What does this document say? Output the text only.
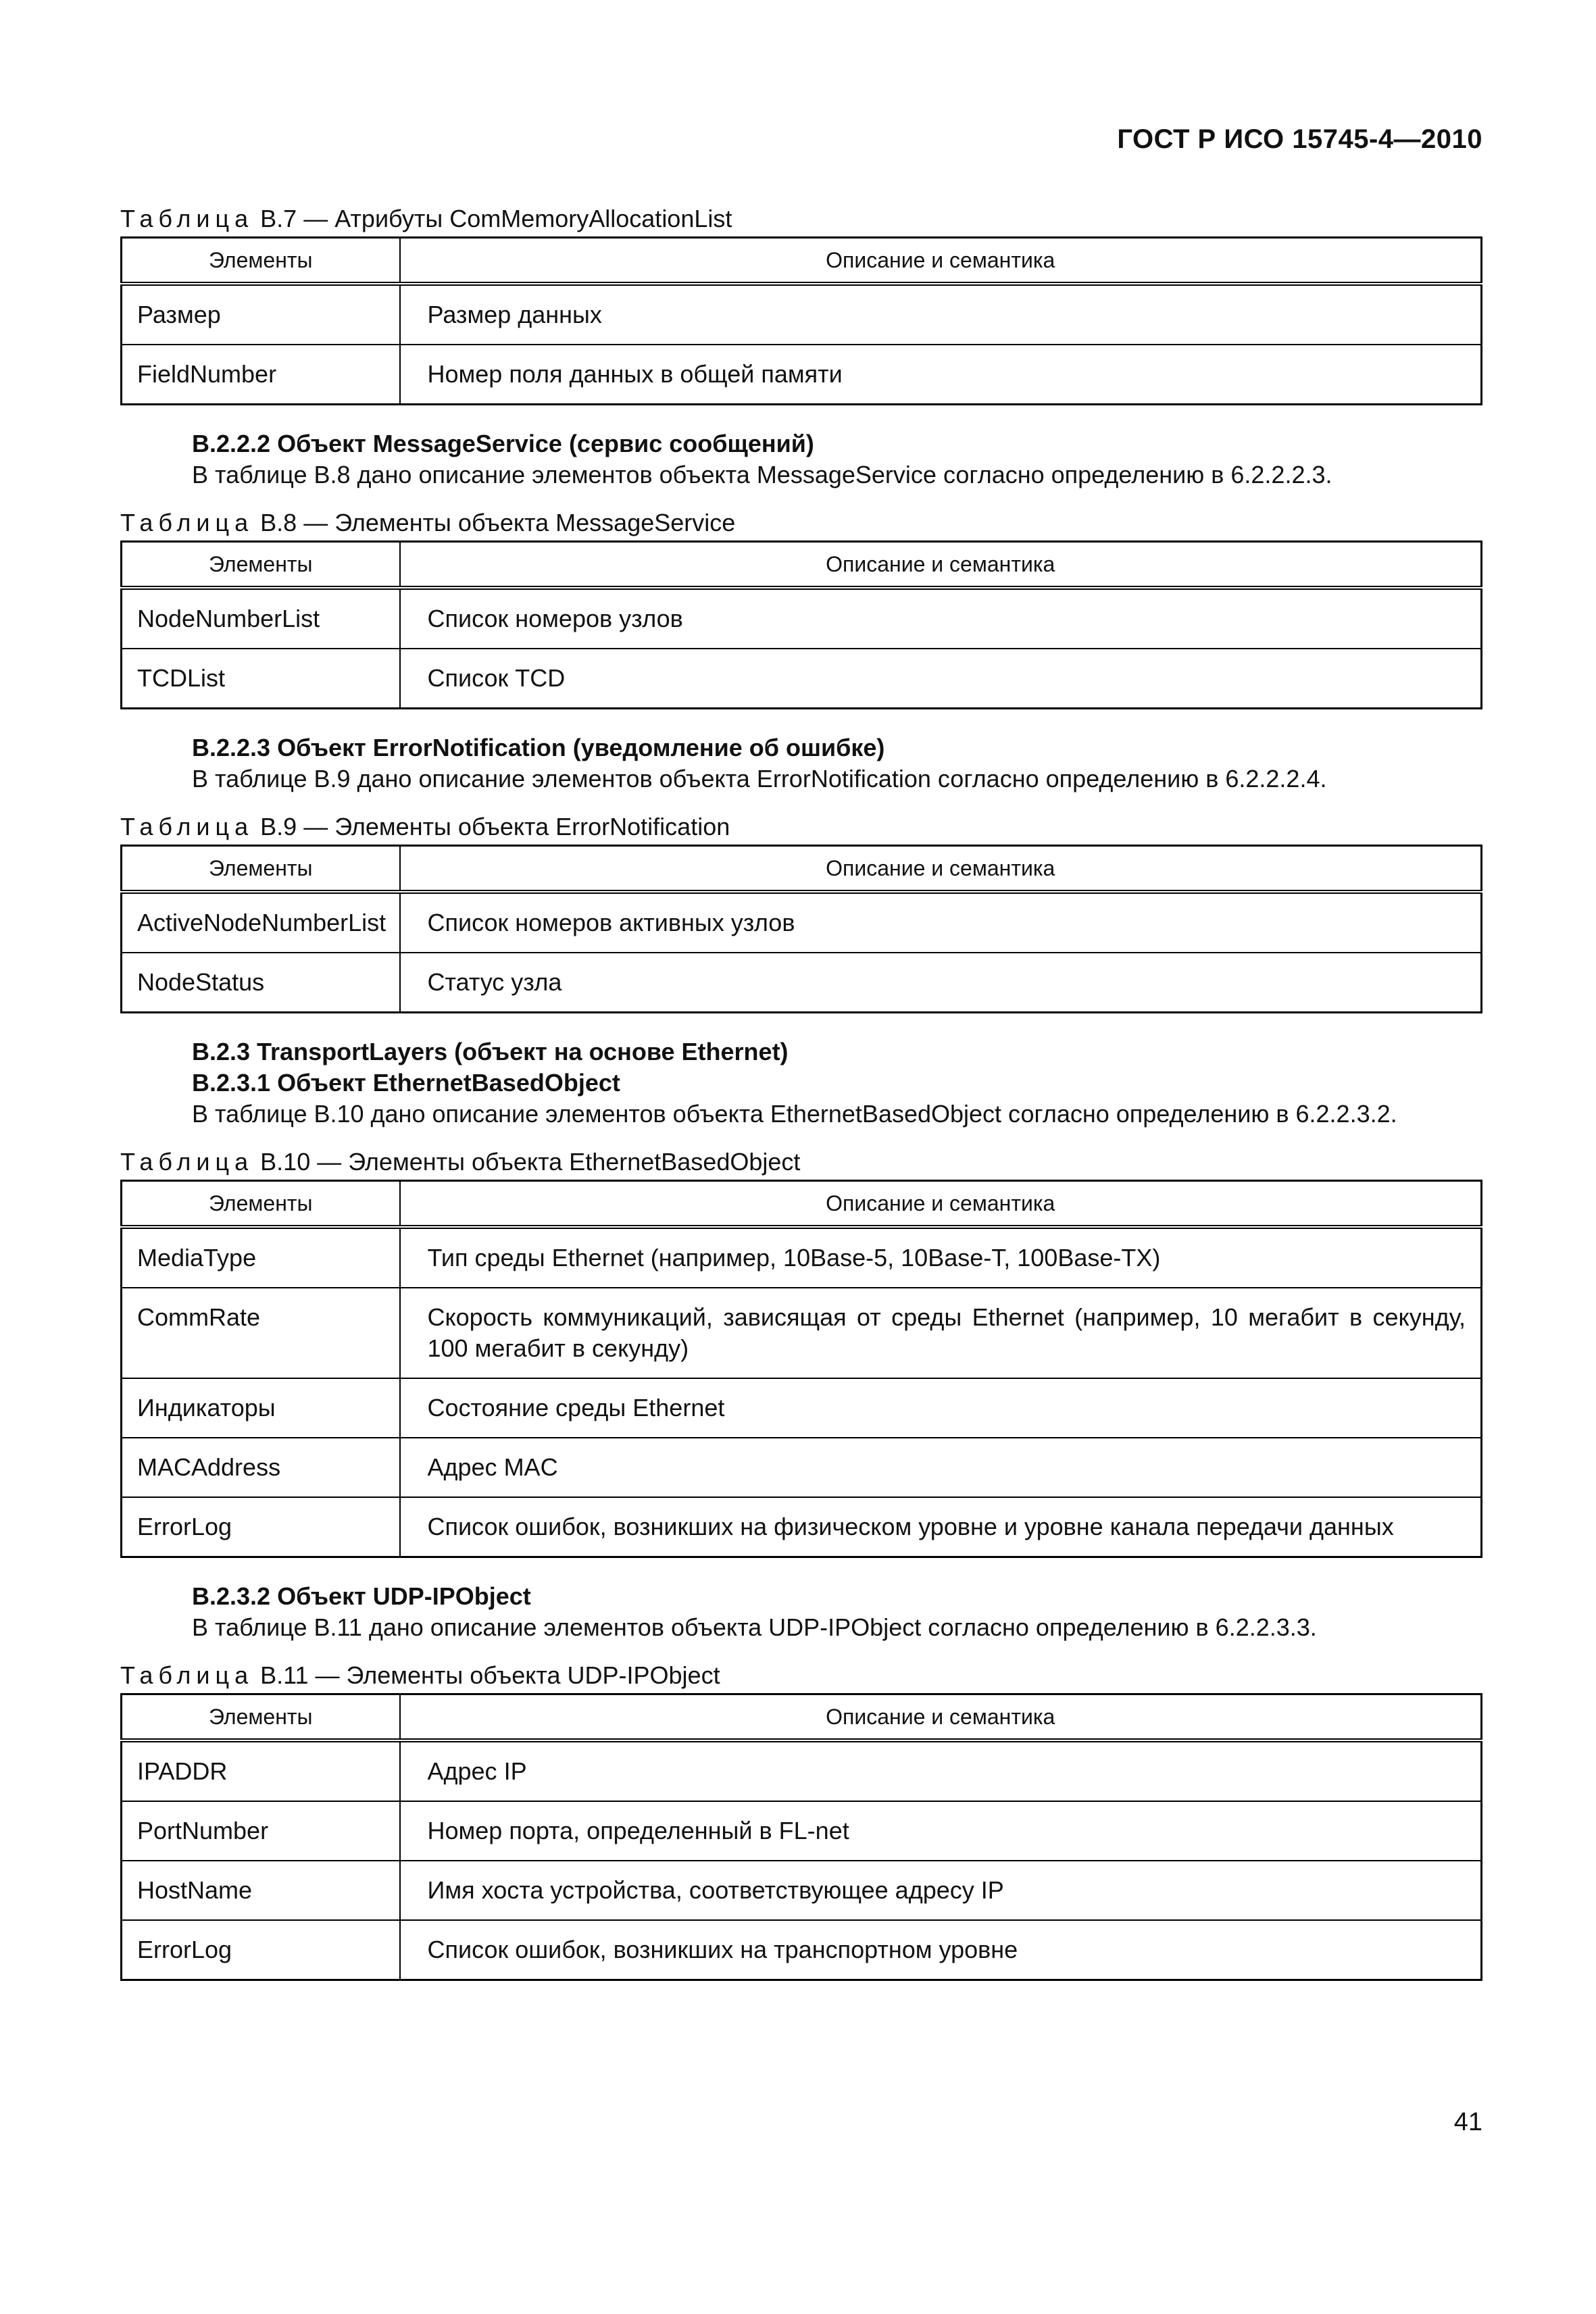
ГОСТ Р ИСО 15745-4—2010
Таблица В.7 — Атрибуты ComMemoryAllocationList
Элементы	Описание и семантика
Размер	Размер данных
FieldNumber	Номер поля данных в общей памяти
B.2.2.2 Объект MessageService (сервис сообщений)
В таблице B.8 дано описание элементов объекта MessageService согласно определению в 6.2.2.2.3.
Таблица B.8 — Элементы объекта MessageService
Элементы	Описание и семантика
NodeNumberList	Список номеров узлов
TCDList	Список TCD
B.2.2.3 Объект ErrorNotification (уведомление об ошибке)
В таблице B.9 дано описание элементов объекта ErrorNotification согласно определению в 6.2.2.2.4.
Таблица B.9 — Элементы объекта ErrorNotification
Элементы	Описание и семантика
ActiveNodeNumberList	Список номеров активных узлов
NodeStatus	Статус узла
B.2.3 TransportLayers (объект на основе Ethernet)
B.2.3.1 Объект EthernetBasedObject
В таблице B.10 дано описание элементов объекта EthernetBasedObject согласно определению в 6.2.2.3.2.
Таблица B.10 — Элементы объекта EthernetBasedObject
Элементы	Описание и семантика
MediaType	Тип среды Ethernet (например, 10Base-5, 10Base-T, 100Base-TX)
CommRate	Скорость коммуникаций, зависящая от среды Ethernet (например, 10 мегабит в секунду, 100 мегабит в секунду)
Индикаторы	Состояние среды Ethernet
MACAddress	Адрес MAC
ErrorLog	Список ошибок, возникших на физическом уровне и уровне канала передачи данных
B.2.3.2 Объект UDP-IPObject
В таблице B.11 дано описание элементов объекта UDP-IPObject согласно определению в 6.2.2.3.3.
Таблица B.11 — Элементы объекта UDP-IPObject
Элементы	Описание и семантика
IPADDR	Адрес IP
PortNumber	Номер порта, определенный в FL-net
HostName	Имя хоста устройства, соответствующее адресу IP
ErrorLog	Список ошибок, возникших на транспортном уровне
41
